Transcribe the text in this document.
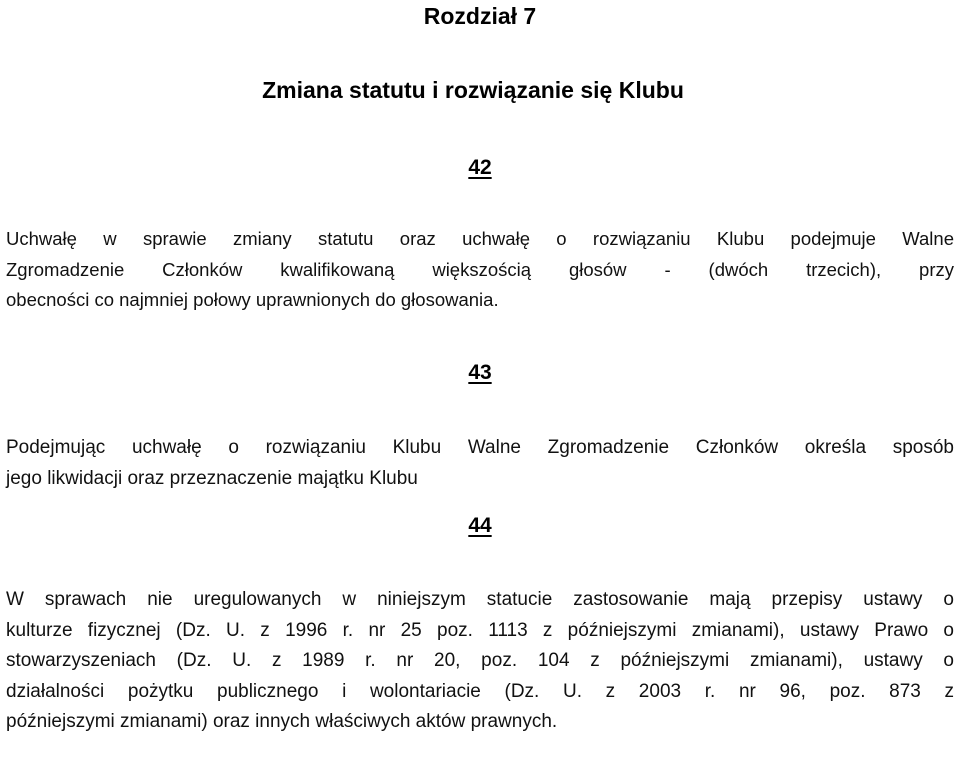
Rozdział 7
Zmiana statutu i rozwiązanie się Klubu
42
Uchwałę w sprawie zmiany statutu oraz uchwałę o rozwiązaniu Klubu podejmuje Walne
Zgromadzenie Członków kwalifikowaną większością głosów - (dwóch trzecich), przy
obecności co najmniej połowy uprawnionych do głosowania.
43
Podejmując uchwałę o rozwiązaniu Klubu Walne Zgromadzenie Członków określa sposób
jego likwidacji oraz przeznaczenie majątku Klubu
44
W sprawach nie uregulowanych w niniejszym statucie zastosowanie mają przepisy ustawy o
kulturze fizycznej (Dz. U. z 1996 r. nr 25 poz. 1113 z późniejszymi zmianami), ustawy Prawo o
stowarzyszeniach (Dz. U. z 1989 r. nr 20, poz. 104 z późniejszymi zmianami), ustawy o
działalności pożytku publicznego i wolontariacie (Dz. U. z 2003 r. nr 96, poz. 873 z
późniejszymi zmianami) oraz innych właściwych aktów prawnych.
